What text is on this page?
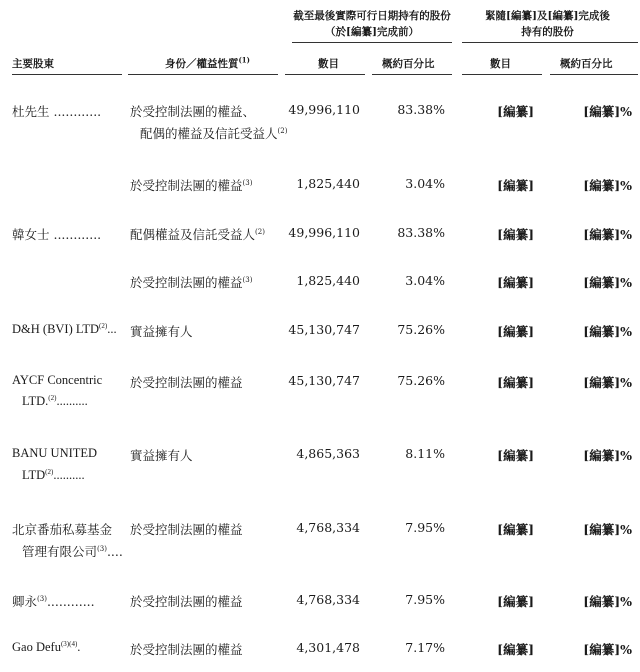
截至最後實際可行日期持有的股份
（於[編纂]完成前）
緊隨[編纂]及[編纂]完成後
持有的股份
主要股東	身份／權益性質$^{(1)}$	數目	概約百分比	數目	概約百分比
杜先生 ............ 於受控制法團的權益、
配偶的權益及信託受益人$^{(2)}$
49,996,110	83.38%	[編纂]	[編纂]%
於受控制法團的權益$^{(3)}$	1,825,440	3.04%	[編纂]	[編纂]%
韓女士 ............ 配偶權益及信託受益人$^{(2)}$ 49,996,110	83.38%	[編纂]	[編纂]%
於受控制法團的權益$^{(3)}$	1,825,440	3.04%	[編纂]	[編纂]%
D&H (BVI) LTD$^{(2)}$... 實益擁有人	45,130,747	75.26%	[編纂]	[編纂]%
AYCF Concentric
LTD.$^{(2)}$..........
於受控制法團的權益	45,130,747	75.26%	[編纂]	[編纂]%
BANU UNITED
LTD$^{(2)}$..........
實益擁有人	4,865,363	8.11%	[編纂]	[編纂]%
北京番茄私募基金
管理有限公司$^{(3)}$....
於受控制法團的權益	4,768,334	7.95%	[編纂]	[編纂]%
卿永$^{(3)}$............	於受控制法團的權益	4,768,334	7.95%	[編纂]	[編纂]%
Gao Defu$^{(3)(4)}$.	於受控制法團的權益	4,301,478	7.17%	[編纂]	[編纂]%
